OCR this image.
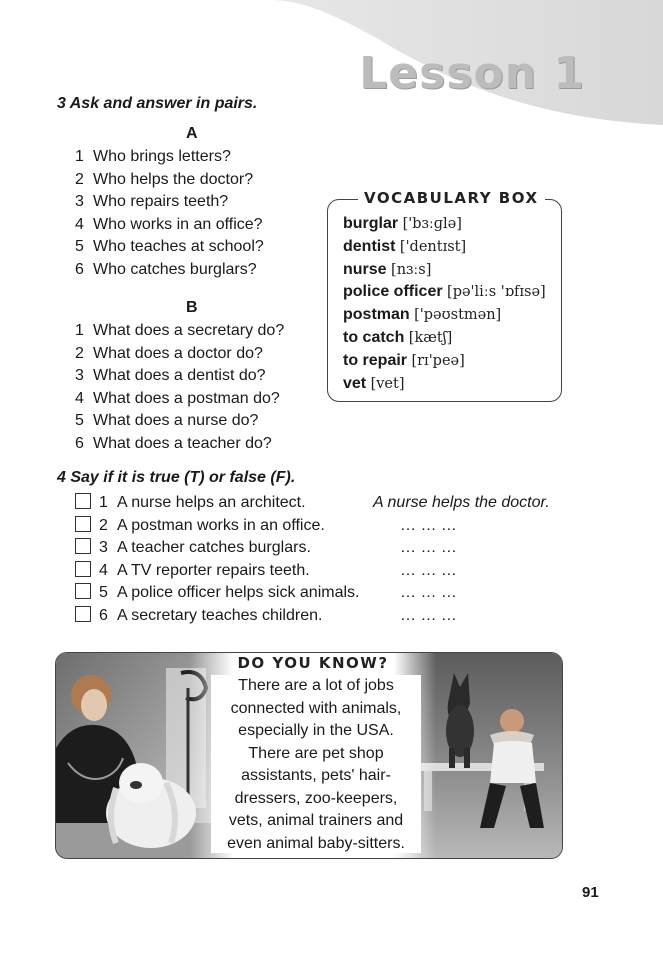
Lesson 1
3 Ask and answer in pairs.
A
1 Who brings letters?
2 Who helps the doctor?
3 Who repairs teeth?
4 Who works in an office?
5 Who teaches at school?
6 Who catches burglars?
B
1 What does a secretary do?
2 What does a doctor do?
3 What does a dentist do?
4 What does a postman do?
5 What does a nurse do?
6 What does a teacher do?
VOCABULARY BOX
burglar ['bɜːɡlə]
dentist ['dentɪst]
nurse [nɜːs]
police officer [pə'liːs 'ɒfɪsə]
postman ['pəʊstmən]
to catch [kætʃ]
to repair [rɪ'peə]
vet [vet]
4 Say if it is true (T) or false (F).
1 A nurse helps an architect.	A nurse helps the doctor.
2 A postman works in an office.	… … …
3 A teacher catches burglars.	… … …
4 A TV reporter repairs teeth.	… … …
5 A police officer helps sick animals.	… … …
6 A secretary teaches children.	… … …
DO YOU KNOW?
There are a lot of jobs
connected with animals,
especially in the USA.
There are pet shop
assistants, pets' hair-
dressers, zoo-keepers,
vets, animal trainers and
even animal baby-sitters.
91
